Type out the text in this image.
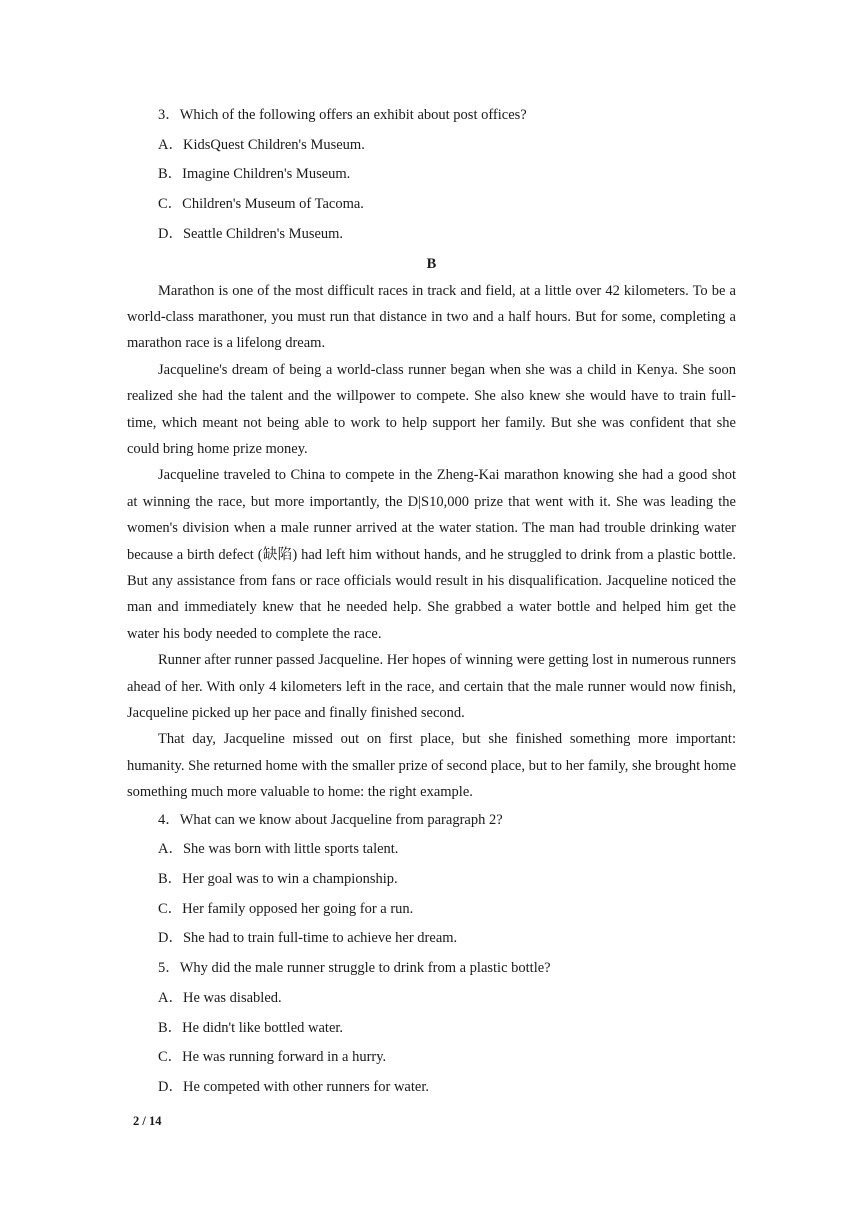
3．Which of the following offers an exhibit about post offices?
A．KidsQuest Children's Museum.
B．Imagine Children's Museum.
C．Children's Museum of Tacoma.
D．Seattle Children's Museum.
B

Marathon is one of the most difficult races in track and field, at a little over 42 kilometers. To be a world-class marathoner, you must run that distance in two and a half hours. But for some, completing a marathon race is a lifelong dream.

Jacqueline's dream of being a world-class runner began when she was a child in Kenya. She soon realized she had the talent and the willpower to compete. She also knew she would have to train full-time, which meant not being able to work to help support her family. But she was confident that she could bring home prize money.

Jacqueline traveled to China to compete in the Zheng-Kai marathon knowing she had a good shot at winning the race, but more importantly, the D|S10,000 prize that went with it. She was leading the women's division when a male runner arrived at the water station. The man had trouble drinking water because a birth defect (缺陷) had left him without hands, and he struggled to drink from a plastic bottle. But any assistance from fans or race officials would result in his disqualification. Jacqueline noticed the man and immediately knew that he needed help. She grabbed a water bottle and helped him get the water his body needed to complete the race.

Runner after runner passed Jacqueline. Her hopes of winning were getting lost in numerous runners ahead of her. With only 4 kilometers left in the race, and certain that the male runner would now finish, Jacqueline picked up her pace and finally finished second.

That day, Jacqueline missed out on first place, but she finished something more important: humanity. She returned home with the smaller prize of second place, but to her family, she brought home something much more valuable to home: the right example.

4．What can we know about Jacqueline from paragraph 2?
A．She was born with little sports talent.
B．Her goal was to win a championship.
C．Her family opposed her going for a run.
D．She had to train full-time to achieve her dream.
5．Why did the male runner struggle to drink from a plastic bottle?
A．He was disabled.
B．He didn't like bottled water.
C．He was running forward in a hurry.
D．He competed with other runners for water.
2 / 14
